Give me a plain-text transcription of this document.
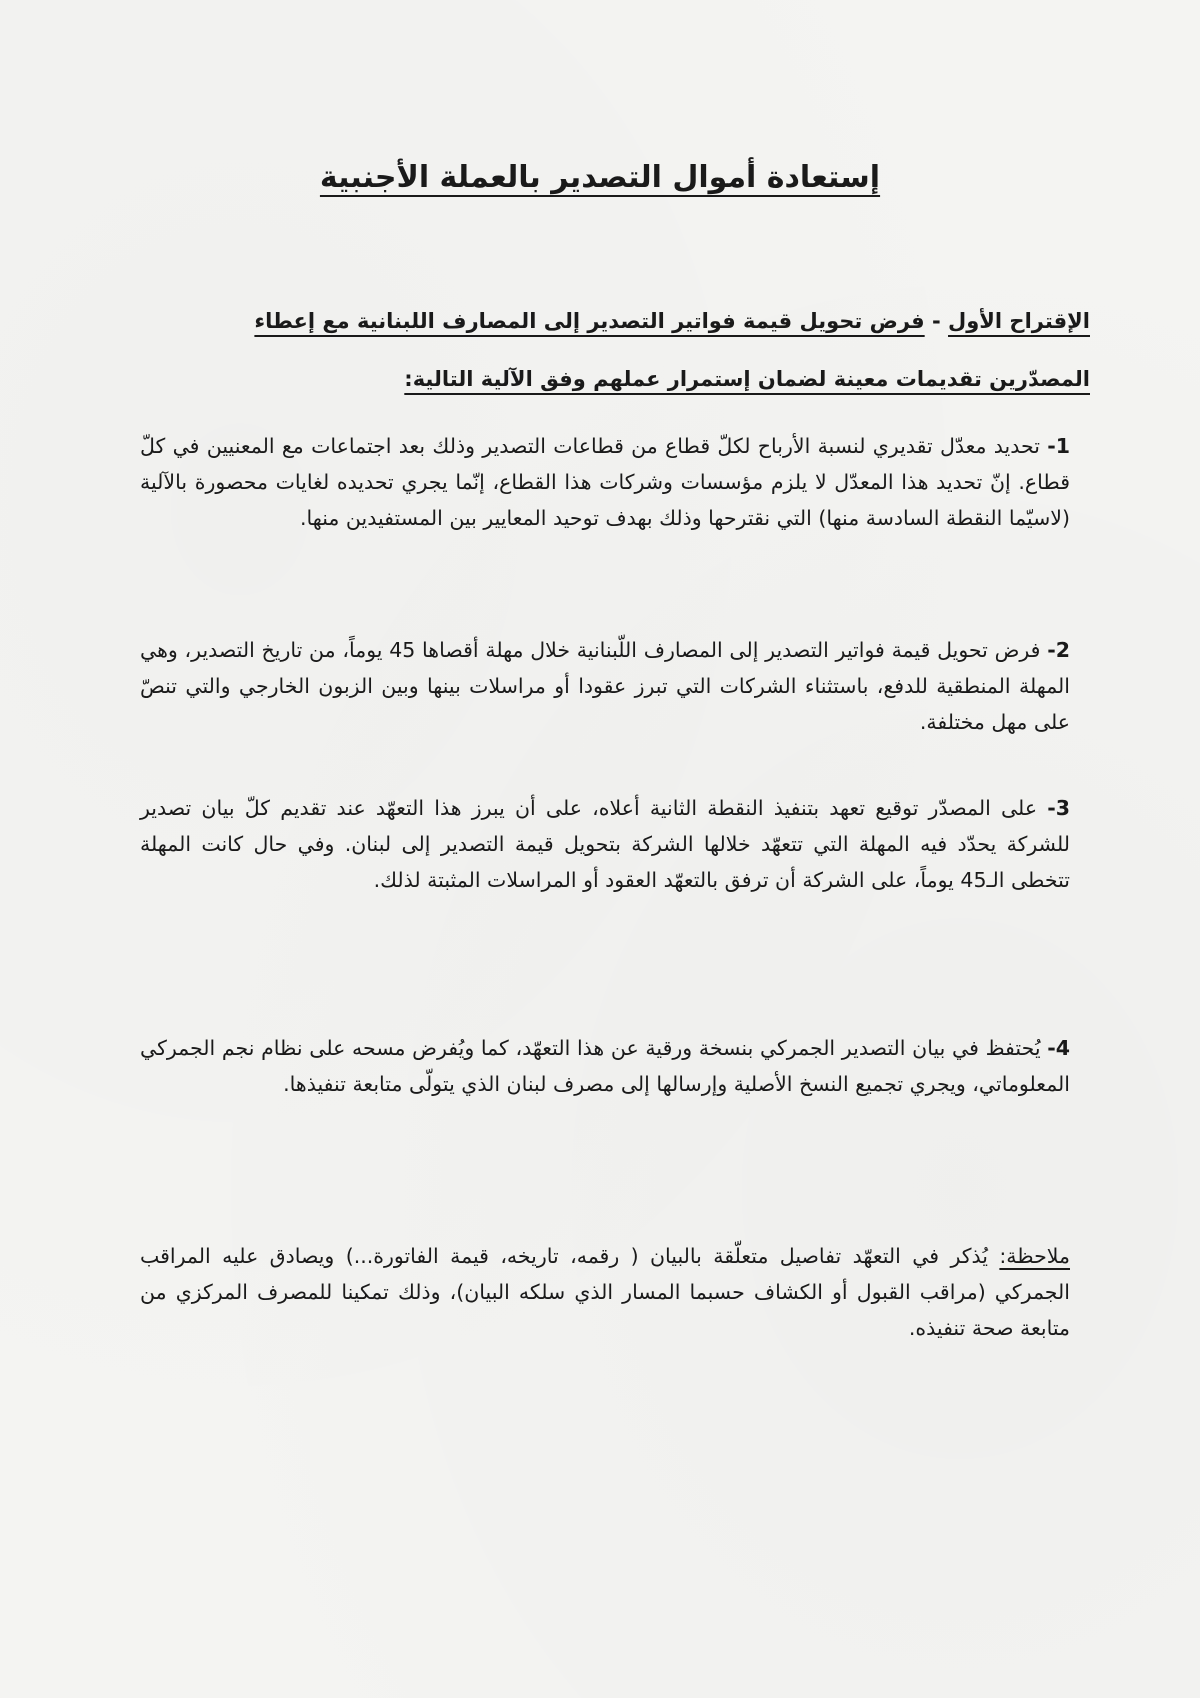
إستعادة أموال التصدير بالعملة الأجنبية
الإقتراح الأول - فرض تحويل قيمة فواتير التصدير إلى المصارف اللبنانية مع إعطاء المصدّرين تقديمات معينة لضمان إستمرار عملهم وفق الآلية التالية:
1- تحديد معدّل تقديري لنسبة الأرباح لكلّ قطاع من قطاعات التصدير وذلك بعد اجتماعات مع المعنيين في كلّ قطاع. إنّ تحديد هذا المعدّل لا يلزم مؤسسات وشركات هذا القطاع، إنّما يجري تحديده لغايات محصورة بالآلية (لاسيّما النقطة السادسة منها) التي نقترحها وذلك بهدف توحيد المعايير بين المستفيدين منها.
2- فرض تحويل قيمة فواتير التصدير إلى المصارف اللّبنانية خلال مهلة أقصاها 45 يوماً، من تاريخ التصدير، وهي المهلة المنطقية للدفع، باستثناء الشركات التي تبرز عقودا أو مراسلات بينها وبين الزبون الخارجي والتي تنصّ على مهل مختلفة.
3- على المصدّر توقيع تعهد بتنفيذ النقطة الثانية أعلاه، على أن يبرز هذا التعهّد عند تقديم كلّ بيان تصدير للشركة يحدّد فيه المهلة التي تتعهّد خلالها الشركة بتحويل قيمة التصدير إلى لبنان. وفي حال كانت المهلة تتخطى الـ45 يوماً، على الشركة أن ترفق بالتعهّد العقود أو المراسلات المثبتة لذلك.
4- يُحتفظ في بيان التصدير الجمركي بنسخة ورقية عن هذا التعهّد، كما ويُفرض مسحه على نظام نجم الجمركي المعلوماتي، ويجري تجميع النسخ الأصلية وإرسالها إلى مصرف لبنان الذي يتولّى متابعة تنفيذها.
ملاحظة: يُذكر في التعهّد تفاصيل متعلّقة بالبيان ( رقمه، تاريخه، قيمة الفاتورة...) ويصادق عليه المراقب الجمركي (مراقب القبول أو الكشاف حسبما المسار الذي سلكه البيان)، وذلك تمكينا للمصرف المركزي من متابعة صحة تنفيذه.
